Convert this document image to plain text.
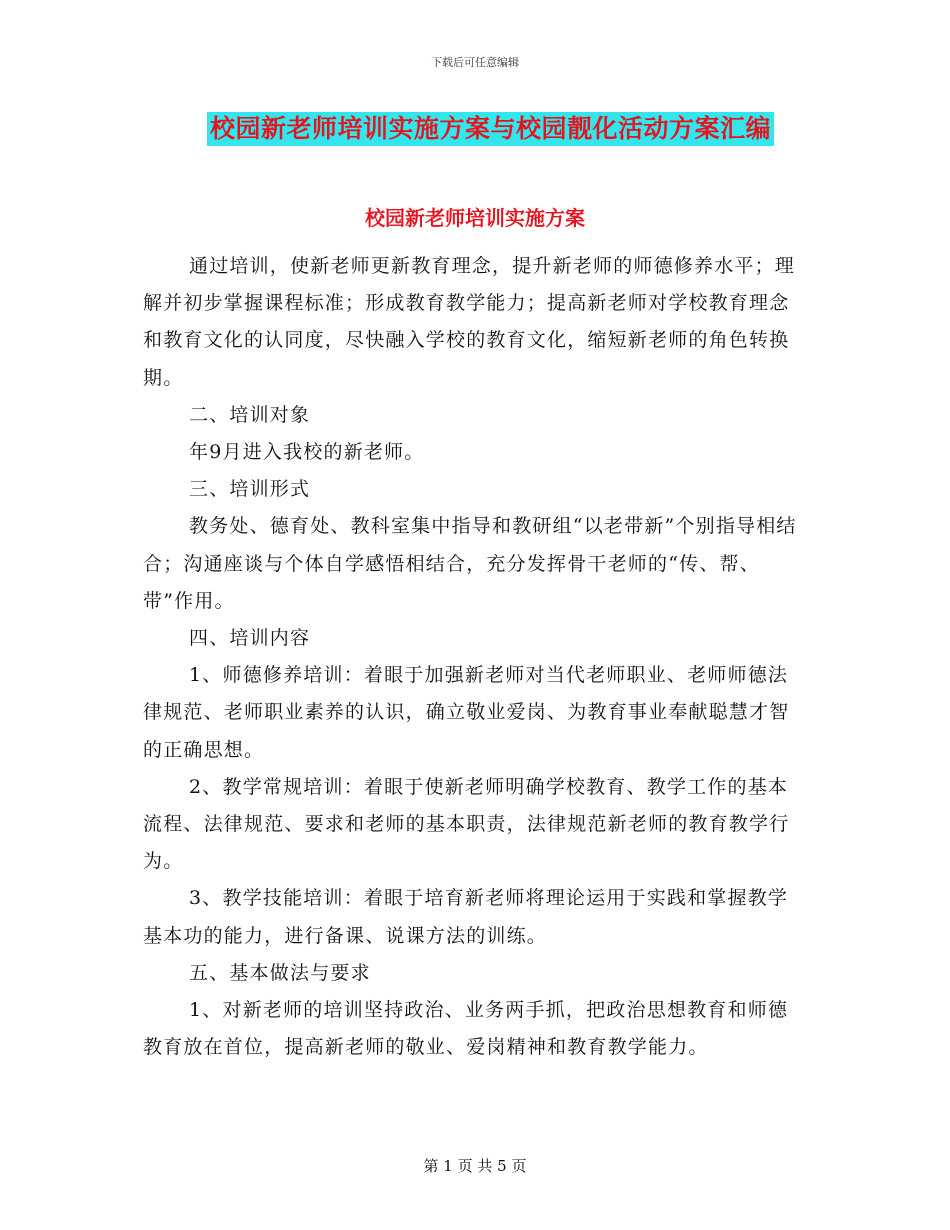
下载后可任意编辑
校园新老师培训实施方案与校园靓化活动方案汇编
校园新老师培训实施方案

通过培训，使新老师更新教育理念，提升新老师的师德修养水平；理解并初步掌握课程标准；形成教育教学能力；提高新老师对学校教育理念和教育文化的认同度，尽快融入学校的教育文化，缩短新老师的角色转换期。

二、培训对象

年9月进入我校的新老师。

三、培训形式

教务处、德育处、教科室集中指导和教研组“以老带新”个别指导相结合；沟通座谈与个体自学感悟相结合，充分发挥骨干老师的“传、帮、带”作用。

四、培训内容

1、师德修养培训：着眼于加强新老师对当代老师职业、老师师德法律规范、老师职业素养的认识，确立敬业爱岗、为教育事业奉献聪慧才智的正确思想。

2、教学常规培训：着眼于使新老师明确学校教育、教学工作的基本流程、法律规范、要求和老师的基本职责，法律规范新老师的教育教学行为。

3、教学技能培训：着眼于培育新老师将理论运用于实践和掌握教学基本功的能力，进行备课、说课方法的训练。

五、基本做法与要求

1、对新老师的培训坚持政治、业务两手抓，把政治思想教育和师德教育放在首位，提高新老师的敬业、爱岗精神和教育教学能力。

第 1 页 共 5 页
